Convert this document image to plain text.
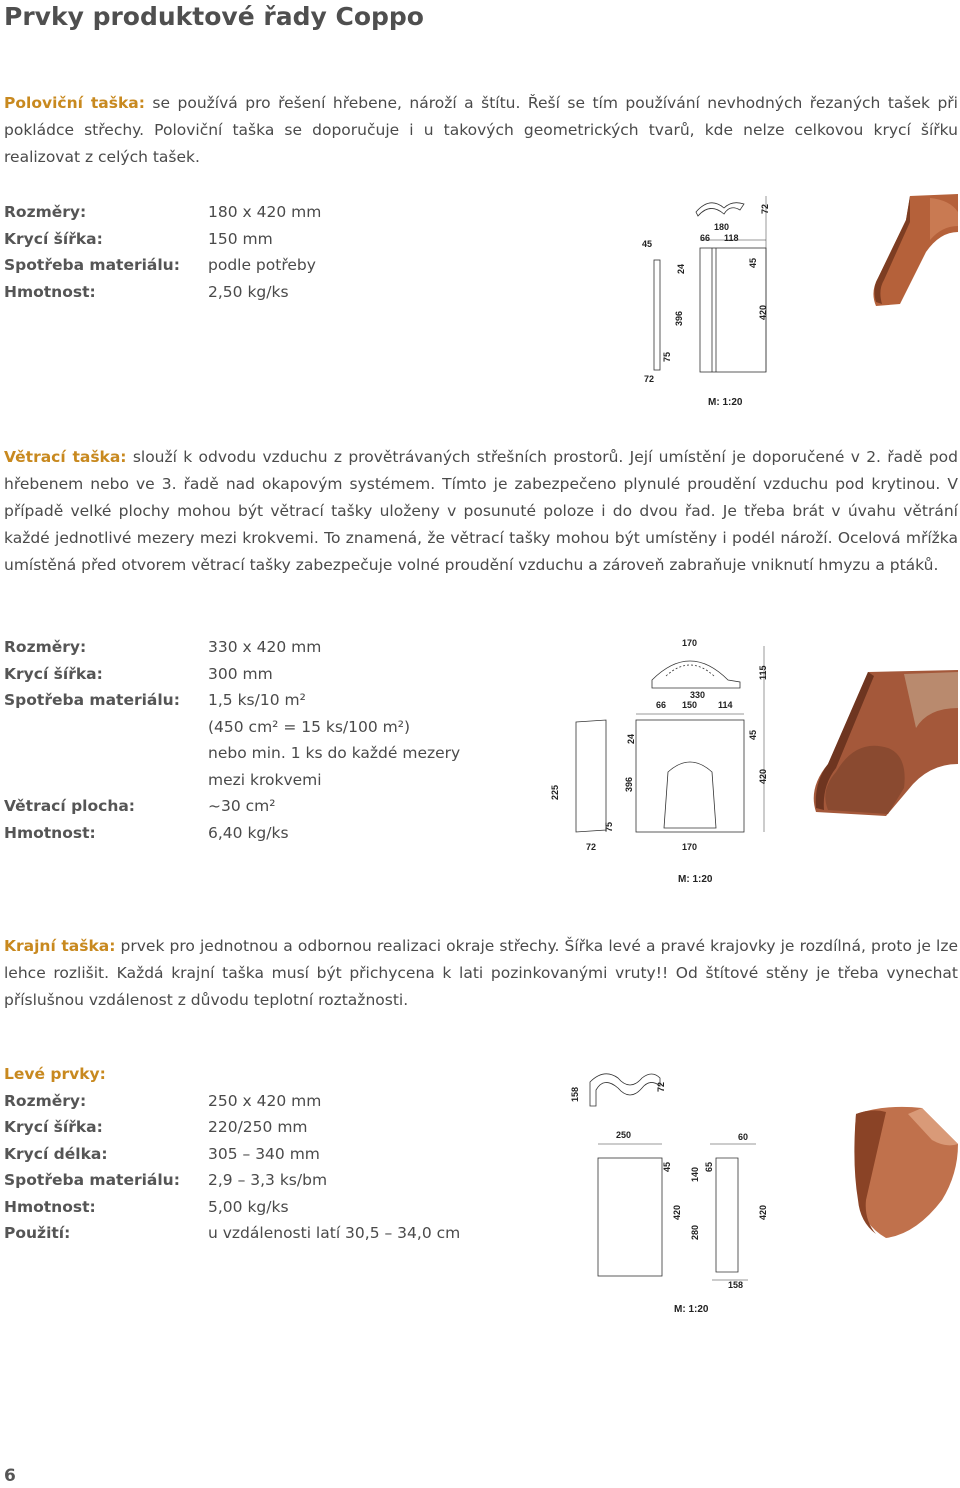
Prvky produktové řady Coppo

Poloviční taška: se používá pro řešení hřebene, nároží a štítu. Řeší se tím používání nevhodných řezaných tašek při pokládce střechy. Poloviční taška se doporučuje i u takových geometrických tvarů, kde nelze celkovou krycí šířku realizovat z celých tašek.

Rozměry:	180 x 420 mm
Krycí šířka:	150 mm
Spotřeba materiálu:	podle potřeby
Hmotnost:	2,50 kg/ks
45
180
66 118
72
24
45
396	420
75
72
M: 1:20

Větrací taška: slouží k odvodu vzduchu z provětrávaných střešních prostorů. Její umístění je doporučené v 2. řadě pod hřebenem nebo ve 3. řadě nad okapovým systémem. Tímto je zabezpečeno plynulé proudění vzduchu pod krytinou. V případě velké plochy mohou být větrací tašky uloženy v posunuté poloze i do dvou řad. Je třeba brát v úvahu větrání každé jednotlivé mezery mezi krokvemi. To znamená, že větrací tašky mohou být umístěny i podél nároží. Ocelová mřížka umístěná před otvorem větrací tašky zabezpečuje volné proudění vzduchu a zároveň zabraňuje vniknutí hmyzu a ptáků.

Rozměry:	330 x 420 mm
Krycí šířka:	300 mm
Spotřeba materiálu:	1,5 ks/10 m²
(450 cm² = 15 ks/100 m²)
nebo min. 1 ks do každé mezery
mezi krokvemi
Větrací plocha:	~30 cm²
Hmotnost:	6,40 kg/ks
170
115
330
66 150 114
24	45
225
396
420
75
72	170
M: 1:20

Krajní taška: prvek pro jednotnou a odbornou realizaci okraje střechy. Šířka levé a pravé krajovky je rozdílná, proto je lze lehce rozlišit. Každá krajní taška musí být přichycena k lati pozinkovanými vruty!! Od štítové stěny je třeba vynechat příslušnou vzdálenost z důvodu teplotní roztažnosti.

Levé prvky:
Rozměry:	250 x 420 mm
Krycí šířka:	220/250 mm
Krycí délka:	305 – 340 mm
Spotřeba materiálu:	2,9 – 3,3 ks/bm
Hmotnost:	5,00 kg/ks
Použití:	u vzdálenosti latí 30,5 – 34,0 cm
158	72
250	60
45 140 65
420
280
420
158
M: 1:20
6
